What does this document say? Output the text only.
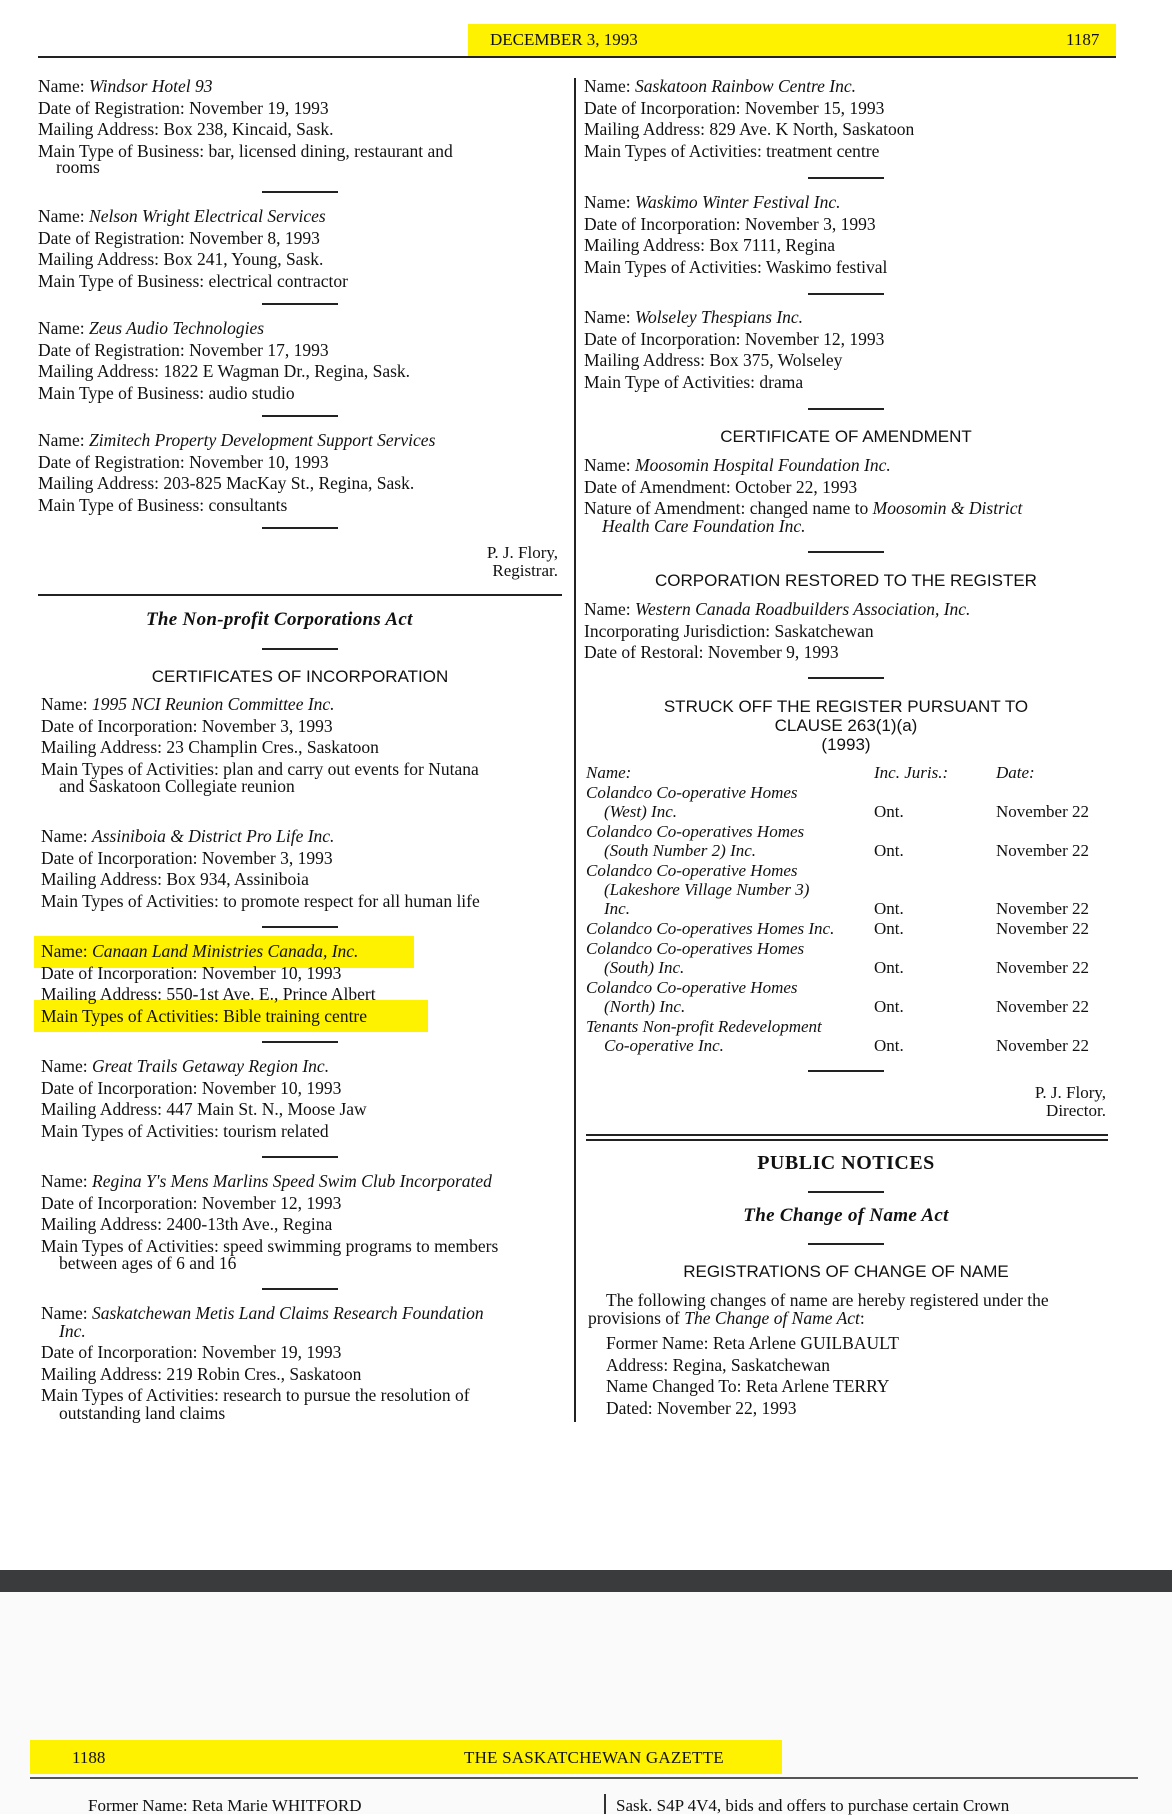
DECEMBER 3, 1993	1187
Name: Windsor Hotel 93
Date of Registration: November 19, 1993
Mailing Address: Box 238, Kincaid, Sask.
Main Type of Business: bar, licensed dining, restaurant and
rooms
Name: Nelson Wright Electrical Services
Date of Registration: November 8, 1993
Mailing Address: Box 241, Young, Sask.
Main Type of Business: electrical contractor
Name: Zeus Audio Technologies
Date of Registration: November 17, 1993
Mailing Address: 1822 E Wagman Dr., Regina, Sask.
Main Type of Business: audio studio
Name: Zimitech Property Development Support Services
Date of Registration: November 10, 1993
Mailing Address: 203-825 MacKay St., Regina, Sask.
Main Type of Business: consultants
P. J. Flory,
Registrar.
The Non-profit Corporations Act
CERTIFICATES OF INCORPORATION
Name: 1995 NCI Reunion Committee Inc.
Date of Incorporation: November 3, 1993
Mailing Address: 23 Champlin Cres., Saskatoon
Main Types of Activities: plan and carry out events for Nutana
and Saskatoon Collegiate reunion
Name: Assiniboia & District Pro Life Inc.
Date of Incorporation: November 3, 1993
Mailing Address: Box 934, Assiniboia
Main Types of Activities: to promote respect for all human life
Name: Canaan Land Ministries Canada, Inc.
Date of Incorporation: November 10, 1993
Mailing Address: 550-1st Ave. E., Prince Albert
Main Types of Activities: Bible training centre
Name: Great Trails Getaway Region Inc.
Date of Incorporation: November 10, 1993
Mailing Address: 447 Main St. N., Moose Jaw
Main Types of Activities: tourism related
Name: Regina Y's Mens Marlins Speed Swim Club Incorporated
Date of Incorporation: November 12, 1993
Mailing Address: 2400-13th Ave., Regina
Main Types of Activities: speed swimming programs to members
between ages of 6 and 16
Name: Saskatchewan Metis Land Claims Research Foundation
Inc.
Date of Incorporation: November 19, 1993
Mailing Address: 219 Robin Cres., Saskatoon
Main Types of Activities: research to pursue the resolution of
outstanding land claims
Name: Saskatoon Rainbow Centre Inc.
Date of Incorporation: November 15, 1993
Mailing Address: 829 Ave. K North, Saskatoon
Main Types of Activities: treatment centre
Name: Waskimo Winter Festival Inc.
Date of Incorporation: November 3, 1993
Mailing Address: Box 7111, Regina
Main Types of Activities: Waskimo festival
Name: Wolseley Thespians Inc.
Date of Incorporation: November 12, 1993
Mailing Address: Box 375, Wolseley
Main Type of Activities: drama
CERTIFICATE OF AMENDMENT
Name: Moosomin Hospital Foundation Inc.
Date of Amendment: October 22, 1993
Nature of Amendment: changed name to Moosomin & District
Health Care Foundation Inc.
CORPORATION RESTORED TO THE REGISTER
Name: Western Canada Roadbuilders Association, Inc.
Incorporating Jurisdiction: Saskatchewan
Date of Restoral: November 9, 1993
STRUCK OFF THE REGISTER PURSUANT TO
CLAUSE 263(1)(a)
(1993)
Name:	Inc. Juris.:	Date:

Colandco Co-operative Homes
(West) Inc.	Ont.	November 22

Colandco Co-operatives Homes
(South Number 2) Inc.	Ont.	November 22

Colandco Co-operative Homes
(Lakeshore Village Number 3)
Inc.	Ont.	November 22
Colandco Co-operatives Homes Inc.	Ont.	November 22

Colandco Co-operatives Homes
(South) Inc.	Ont.	November 22

Colandco Co-operative Homes
(North) Inc.	Ont.	November 22

Tenants Non-profit Redevelopment
Co-operative Inc.	Ont.	November 22
P. J. Flory,
Director.
PUBLIC NOTICES
The Change of Name Act
REGISTRATIONS OF CHANGE OF NAME
The following changes of name are hereby registered under the
provisions of The Change of Name Act:
Former Name: Reta Arlene GUILBAULT
Address: Regina, Saskatchewan
Name Changed To: Reta Arlene TERRY
Dated: November 22, 1993
1188	THE SASKATCHEWAN GAZETTE
Former Name: Reta Marie WHITFORD	Sask. S4P 4V4, bids and offers to purchase certain Crown
